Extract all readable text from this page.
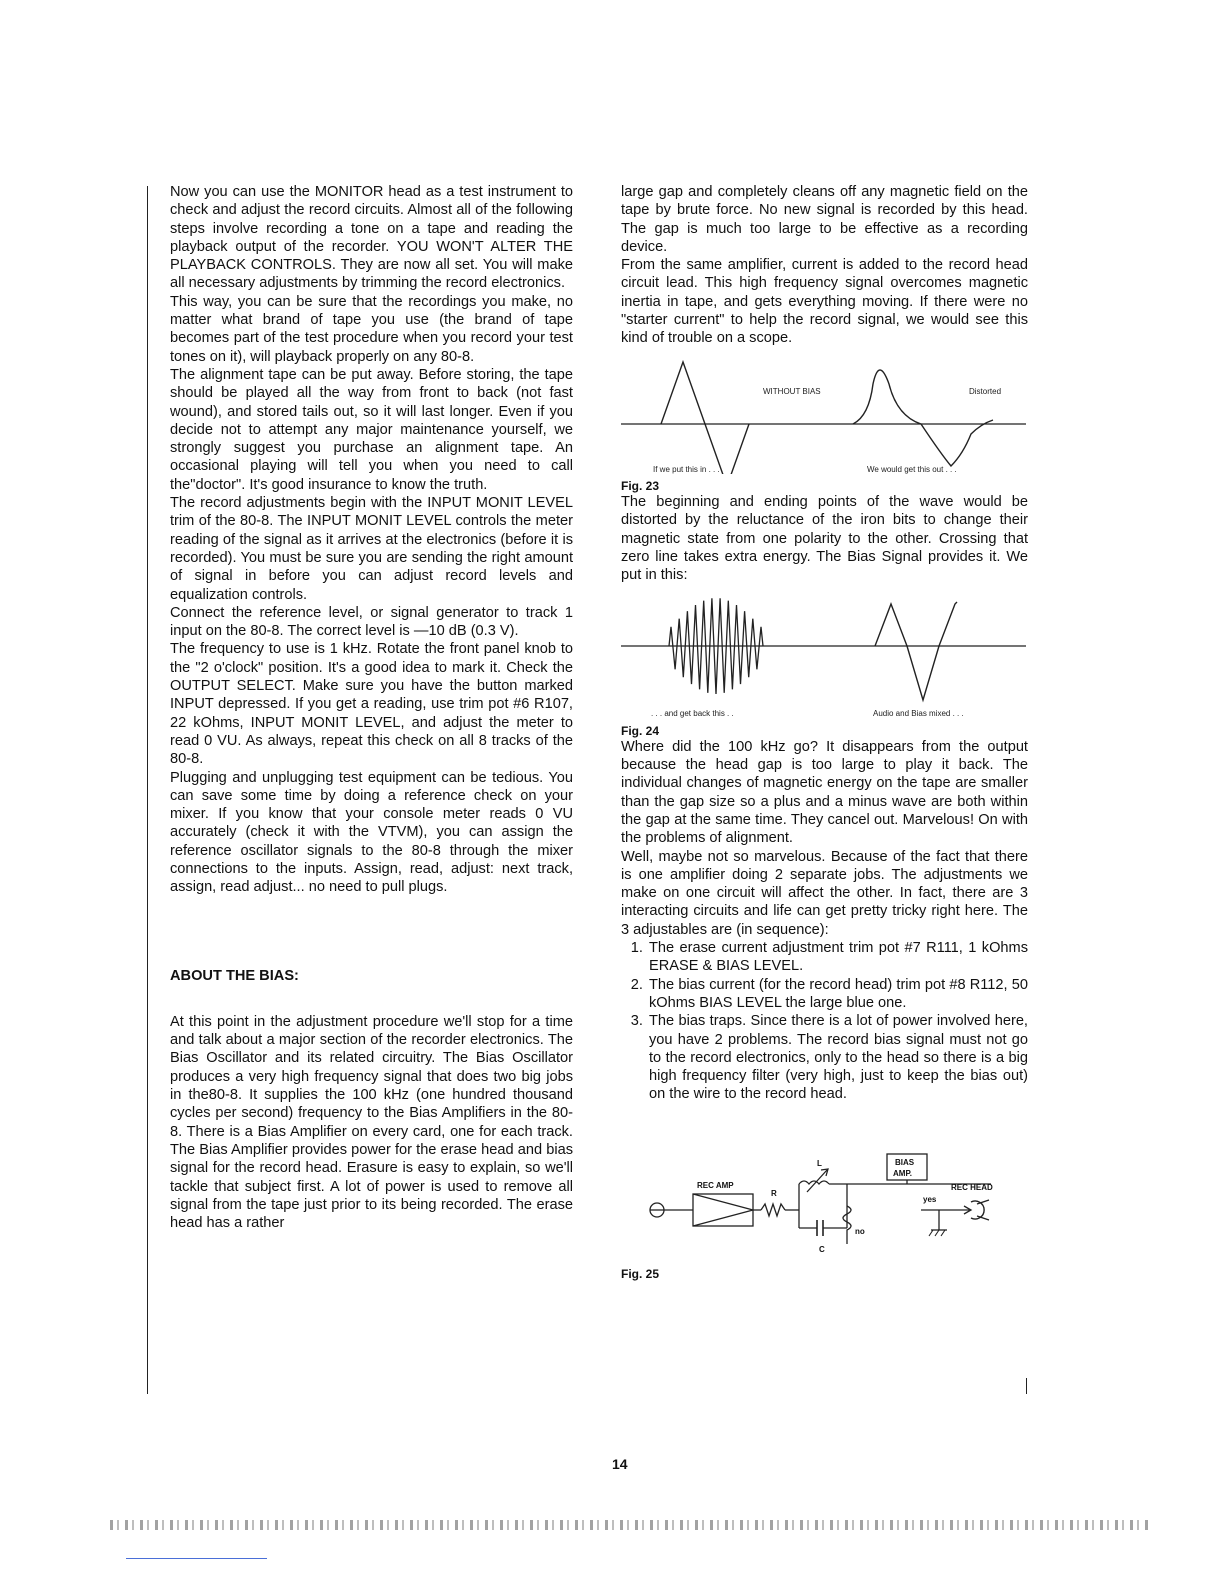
Now you can use the MONITOR head as a test instrument to check and adjust the record circuits. Almost all of the following steps involve recording a tone on a tape and reading the playback output of the recorder. YOU WON'T ALTER THE PLAYBACK CONTROLS. They are now all set. You will make all necessary adjustments by trimming the record electronics.

This way, you can be sure that the recordings you make, no matter what brand of tape you use (the brand of tape becomes part of the test procedure when you record your test tones on it), will playback properly on any 80-8.

The alignment tape can be put away. Before storing, the tape should be played all the way from front to back (not fast wound), and stored tails out, so it will last longer. Even if you decide not to attempt any major maintenance yourself, we strongly suggest you purchase an alignment tape. An occasional playing will tell you when you need to call the"doctor". It's good insurance to know the truth.

The record adjustments begin with the INPUT MONIT LEVEL trim of the 80-8. The INPUT MONIT LEVEL controls the meter reading of the signal as it arrives at the electronics (before it is recorded). You must be sure you are sending the right amount of signal in before you can adjust record levels and equalization controls.

Connect the reference level, or signal generator to track 1 input on the 80-8. The correct level is —10 dB (0.3 V).

The frequency to use is 1 kHz. Rotate the front panel knob to the "2 o'clock" position. It's a good idea to mark it. Check the OUTPUT SELECT. Make sure you have the button marked INPUT depressed. If you get a reading, use trim pot #6 R107, 22 kOhms, INPUT MONIT LEVEL, and adjust the meter to read 0 VU. As always, repeat this check on all 8 tracks of the 80-8.

Plugging and unplugging test equipment can be tedious. You can save some time by doing a reference check on your mixer. If you know that your console meter reads 0 VU accurately (check it with the VTVM), you can assign the reference oscillator signals to the 80-8 through the mixer connections to the inputs. Assign, read, adjust: next track, assign, read adjust... no need to pull plugs.

ABOUT THE BIAS:

At this point in the adjustment procedure we'll stop for a time and talk about a major section of the recorder electronics. The Bias Oscillator and its related circuitry. The Bias Oscillator produces a very high frequency signal that does two big jobs in the80-8. It supplies the 100 kHz (one hundred thousand cycles per second) frequency to the Bias Amplifiers in the 80-8. There is a Bias Amplifier on every card, one for each track. The Bias Amplifier provides power for the erase head and bias signal for the record head. Erasure is easy to explain, so we'll tackle that subject first. A lot of power is used to remove all signal from the tape just prior to its being recorded. The erase head has a rather

large gap and completely cleans off any magnetic field on the tape by brute force. No new signal is recorded by this head. The gap is much too large to be effective as a recording device.

From the same amplifier, current is added to the record head circuit lead. This high frequency signal overcomes magnetic inertia in tape, and gets everything moving. If there were no "starter current" to help the record signal, we would see this kind of trouble on a scope.

WITHOUT BIAS	Distorted
If we put this in . . .	We would get this out . . .

Fig. 23

The beginning and ending points of the wave would be distorted by the reluctance of the iron bits to change their magnetic state from one polarity to the other. Crossing that zero line takes extra energy. The Bias Signal provides it. We put in this:

. . . and get back this . .	Audio and Bias mixed . . .

Fig. 24

Where did the 100 kHz go? It disappears from the output because the head gap is too large to play it back. The individual changes of magnetic energy on the tape are smaller than the gap size so a plus and a minus wave are both within the gap at the same time. They cancel out. Marvelous! On with the problems of alignment.

Well, maybe not so marvelous. Because of the fact that there is one amplifier doing 2 separate jobs. The adjustments we make on one circuit will affect the other. In fact, there are 3 interacting circuits and life can get pretty tricky right here. The 3 adjustables are (in sequence):

1. The erase current adjustment trim pot #7 R111, 1 kOhms ERASE & BIAS LEVEL.
2. The bias current (for the record head) trim pot #8 R112, 50 kOhms BIAS LEVEL the large blue one.
3. The bias traps. Since there is a lot of power involved here, you have 2 problems. The record bias signal must not go to the record electronics, only to the head so there is a big high frequency filter (very high, just to keep the bias out) on the wire to the record head.
REC AMP
R
L
C
no
BIAS
AMP.
REC HEAD
yes

Fig. 25

14
